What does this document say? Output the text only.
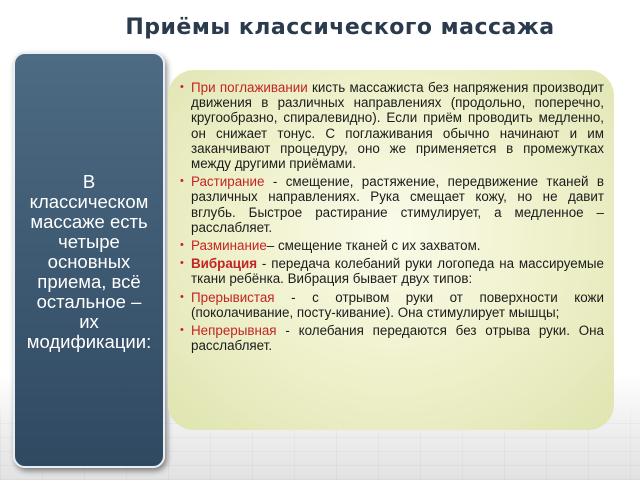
Приёмы классического массажа
В
классическом
массаже есть
четыре
основных
приема, всё
остальное –
их
модификации:
• При поглаживании кисть массажиста без напряжения производит движения в различных направлениях (продольно, поперечно, кругообразно, спиралевидно). Если приём проводить медленно, он снижает тонус. С поглаживания обычно начинают и им заканчивают процедуру, оно же применяется в промежутках между другими приёмами.
• Растирание - смещение, растяжение, передвижение тканей в различных направлениях. Рука смещает кожу, но не давит вглубь. Быстрое растирание стимулирует, а медленное – расслабляет.
• Разминание– смещение тканей с их захватом.
• Вибрация - передача колебаний руки логопеда на массируемые ткани ребёнка. Вибрация бывает двух типов:
• Прерывистая - с отрывом руки от поверхности кожи (поколачивание, посту-кивание). Она стимулирует мышцы;
• Непрерывная - колебания передаются без отрыва руки. Она расслабляет.
